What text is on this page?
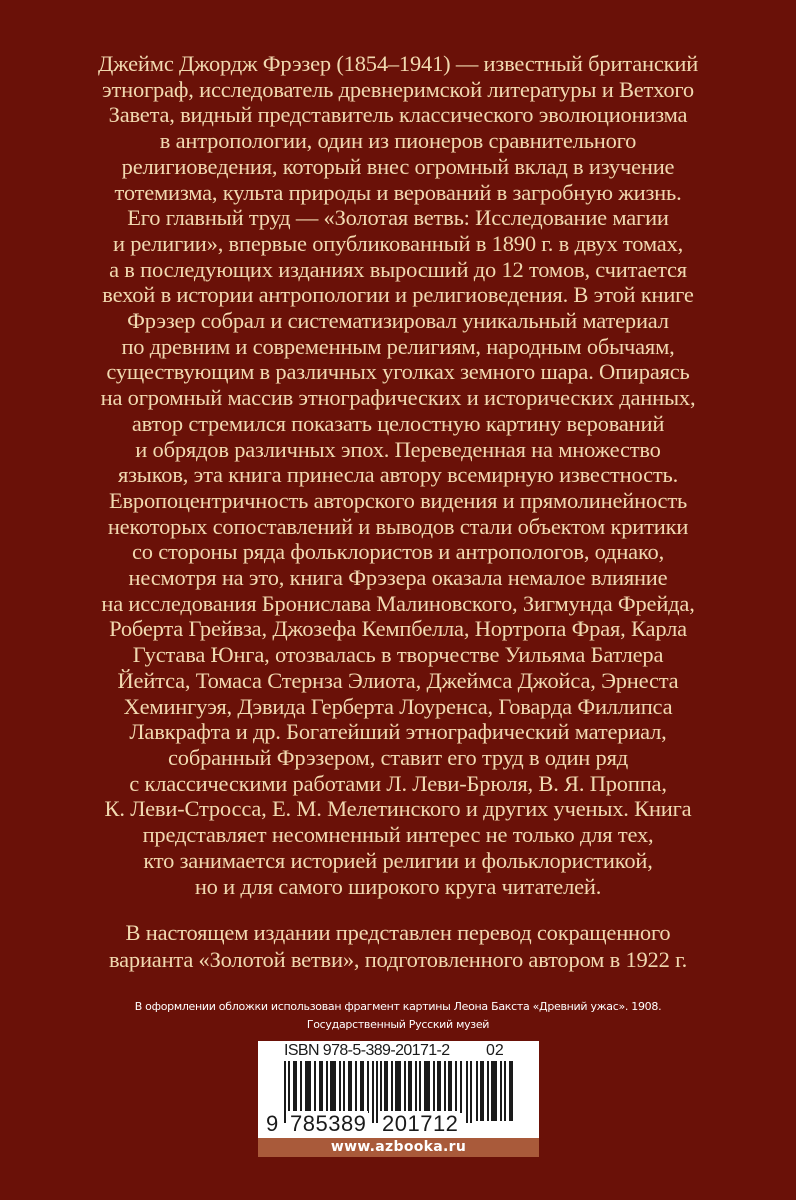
Джеймс Джордж Фрэзер (1854–1941) — известный британский
этнограф, исследователь древнеримской литературы и Ветхого
Завета, видный представитель классического эволюционизма
в антропологии, один из пионеров сравнительного
религиоведения, который внес огромный вклад в изучение
тотемизма, культа природы и верований в загробную жизнь.
Его главный труд — «Золотая ветвь: Исследование магии
и религии», впервые опубликованный в 1890 г. в двух томах,
а в последующих изданиях выросший до 12 томов, считается
вехой в истории антропологии и религиоведения. В этой книге
Фрэзер собрал и систематизировал уникальный материал
по древним и современным религиям, народным обычаям,
существующим в различных уголках земного шара. Опираясь
на огромный массив этнографических и исторических данных,
автор стремился показать целостную картину верований
и обрядов различных эпох. Переведенная на множество
языков, эта книга принесла автору всемирную известность.
Европоцентричность авторского видения и прямолинейность
некоторых сопоставлений и выводов стали объектом критики
со стороны ряда фольклористов и антропологов, однако,
несмотря на это, книга Фрэзера оказала немалое влияние
на исследования Бронислава Малиновского, Зигмунда Фрейда,
Роберта Грейвза, Джозефа Кемпбелла, Нортропа Фрая, Карла
Густава Юнга, отозвалась в творчестве Уильяма Батлера
Йейтса, Томаса Стернза Элиота, Джеймса Джойса, Эрнеста
Хемингуэя, Дэвида Герберта Лоуренса, Говарда Филлипса
Лавкрафта и др. Богатейший этнографический материал,
собранный Фрэзером, ставит его труд в один ряд
с классическими работами Л. Леви-Брюля, В. Я. Проппа,
К. Леви-Стросса, Е. М. Мелетинского и других ученых. Книга
представляет несомненный интерес не только для тех,
кто занимается историей религии и фольклористикой,
но и для самого широкого круга читателей.
В настоящем издании представлен перевод сокращенного
варианта «Золотой ветви», подготовленного автором в 1922 г.
В оформлении обложки использован фрагмент картины Леона Бакста «Древний ужас». 1908.
Государственный Русский музей
ISBN 978-5-389-20171-2 02
9 785389 201712
www.azbooka.ru
